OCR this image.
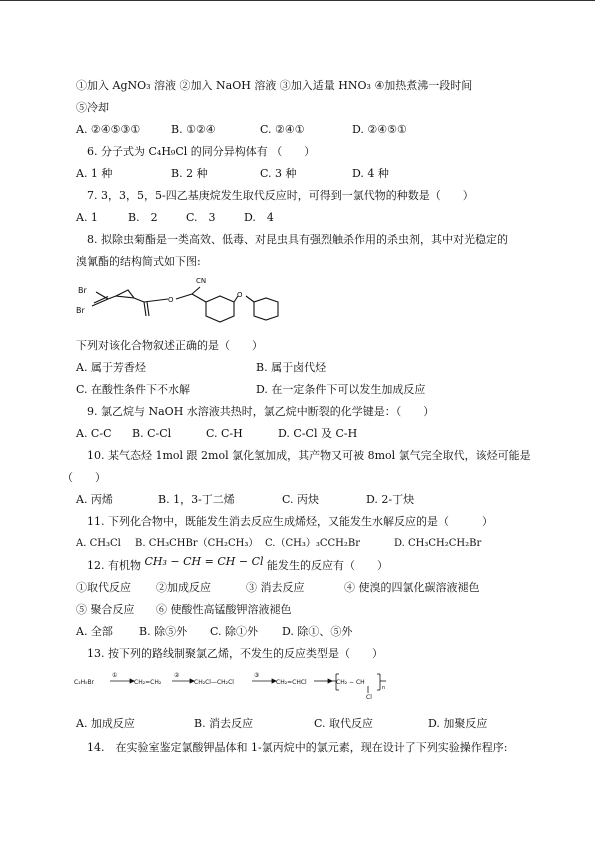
①加入 AgNO₃ 溶液 ②加入 NaOH 溶液 ③加入适量 HNO₃ ④加热煮沸一段时间
⑤冷却
A. ②④⑤③①	B. ①②④	C. ②④①	D. ②④⑤①
6. 分子式为 C₄H₉Cl 的同分异构体有 （　　）
A. 1 种	B. 2 种	C. 3 种	D. 4 种
7. 3，3，5，5-四乙基庚烷发生取代反应时，可得到一氯代物的种数是（　　）
A. 1	B.　2	C.　3	D.　4
8. 拟除虫菊酯是一类高效、低毒、对昆虫具有强烈触杀作用的杀虫剂，其中对光稳定的
溴氰酯的结构简式如下图:
Br
Br
CN
O
O
下列对该化合物叙述正确的是（　　）
A. 属于芳香烃	B. 属于卤代烃
C. 在酸性条件下不水解	D. 在一定条件下可以发生加成反应
9. 氯乙烷与 NaOH 水溶液共热时，氯乙烷中断裂的化学键是：（　　）
A. C-C B. C-Cl	C. C-H	D. C-Cl 及 C-H
10. 某气态烃 1mol 跟 2mol 氯化氢加成，其产物又可被 8mol 氯气完全取代，该烃可能是
（　　）
A. 丙烯	B. 1，3-丁二烯	C. 丙炔	D. 2-丁炔
11. 下列化合物中，既能发生消去反应生成烯烃，又能发生水解反应的是（　　　）
A. CH₃Cl B. CH₃CHBr（CH₂CH₃） C.（CH₃）₃CCH₂Br	D. CH₃CH₂CH₂Br
12. 有机物 CH₃ − CH = CH − Cl 能发生的反应有（　　）
①取代反应 ②加成反应	③ 消去反应	④ 使溴的四氯化碳溶液褪色
⑤ 聚合反应 ⑥ 使酸性高锰酸钾溶液褪色
A. 全部 B. 除⑤外 C. 除①外 D. 除①、⑤外
13. 按下列的路线制聚氯乙烯，不发生的反应类型是（　　）
C₂H₅Br
①
CH₂=CH₂
②
CH₂Cl—CH₂Cl
③
CH₂=CHCl	CH₂ − CH
Cl
n
A. 加成反应	B. 消去反应	C. 取代反应	D. 加聚反应
14.　在实验室鉴定氯酸钾晶体和 1-氯丙烷中的氯元素，现在设计了下列实验操作程序:
